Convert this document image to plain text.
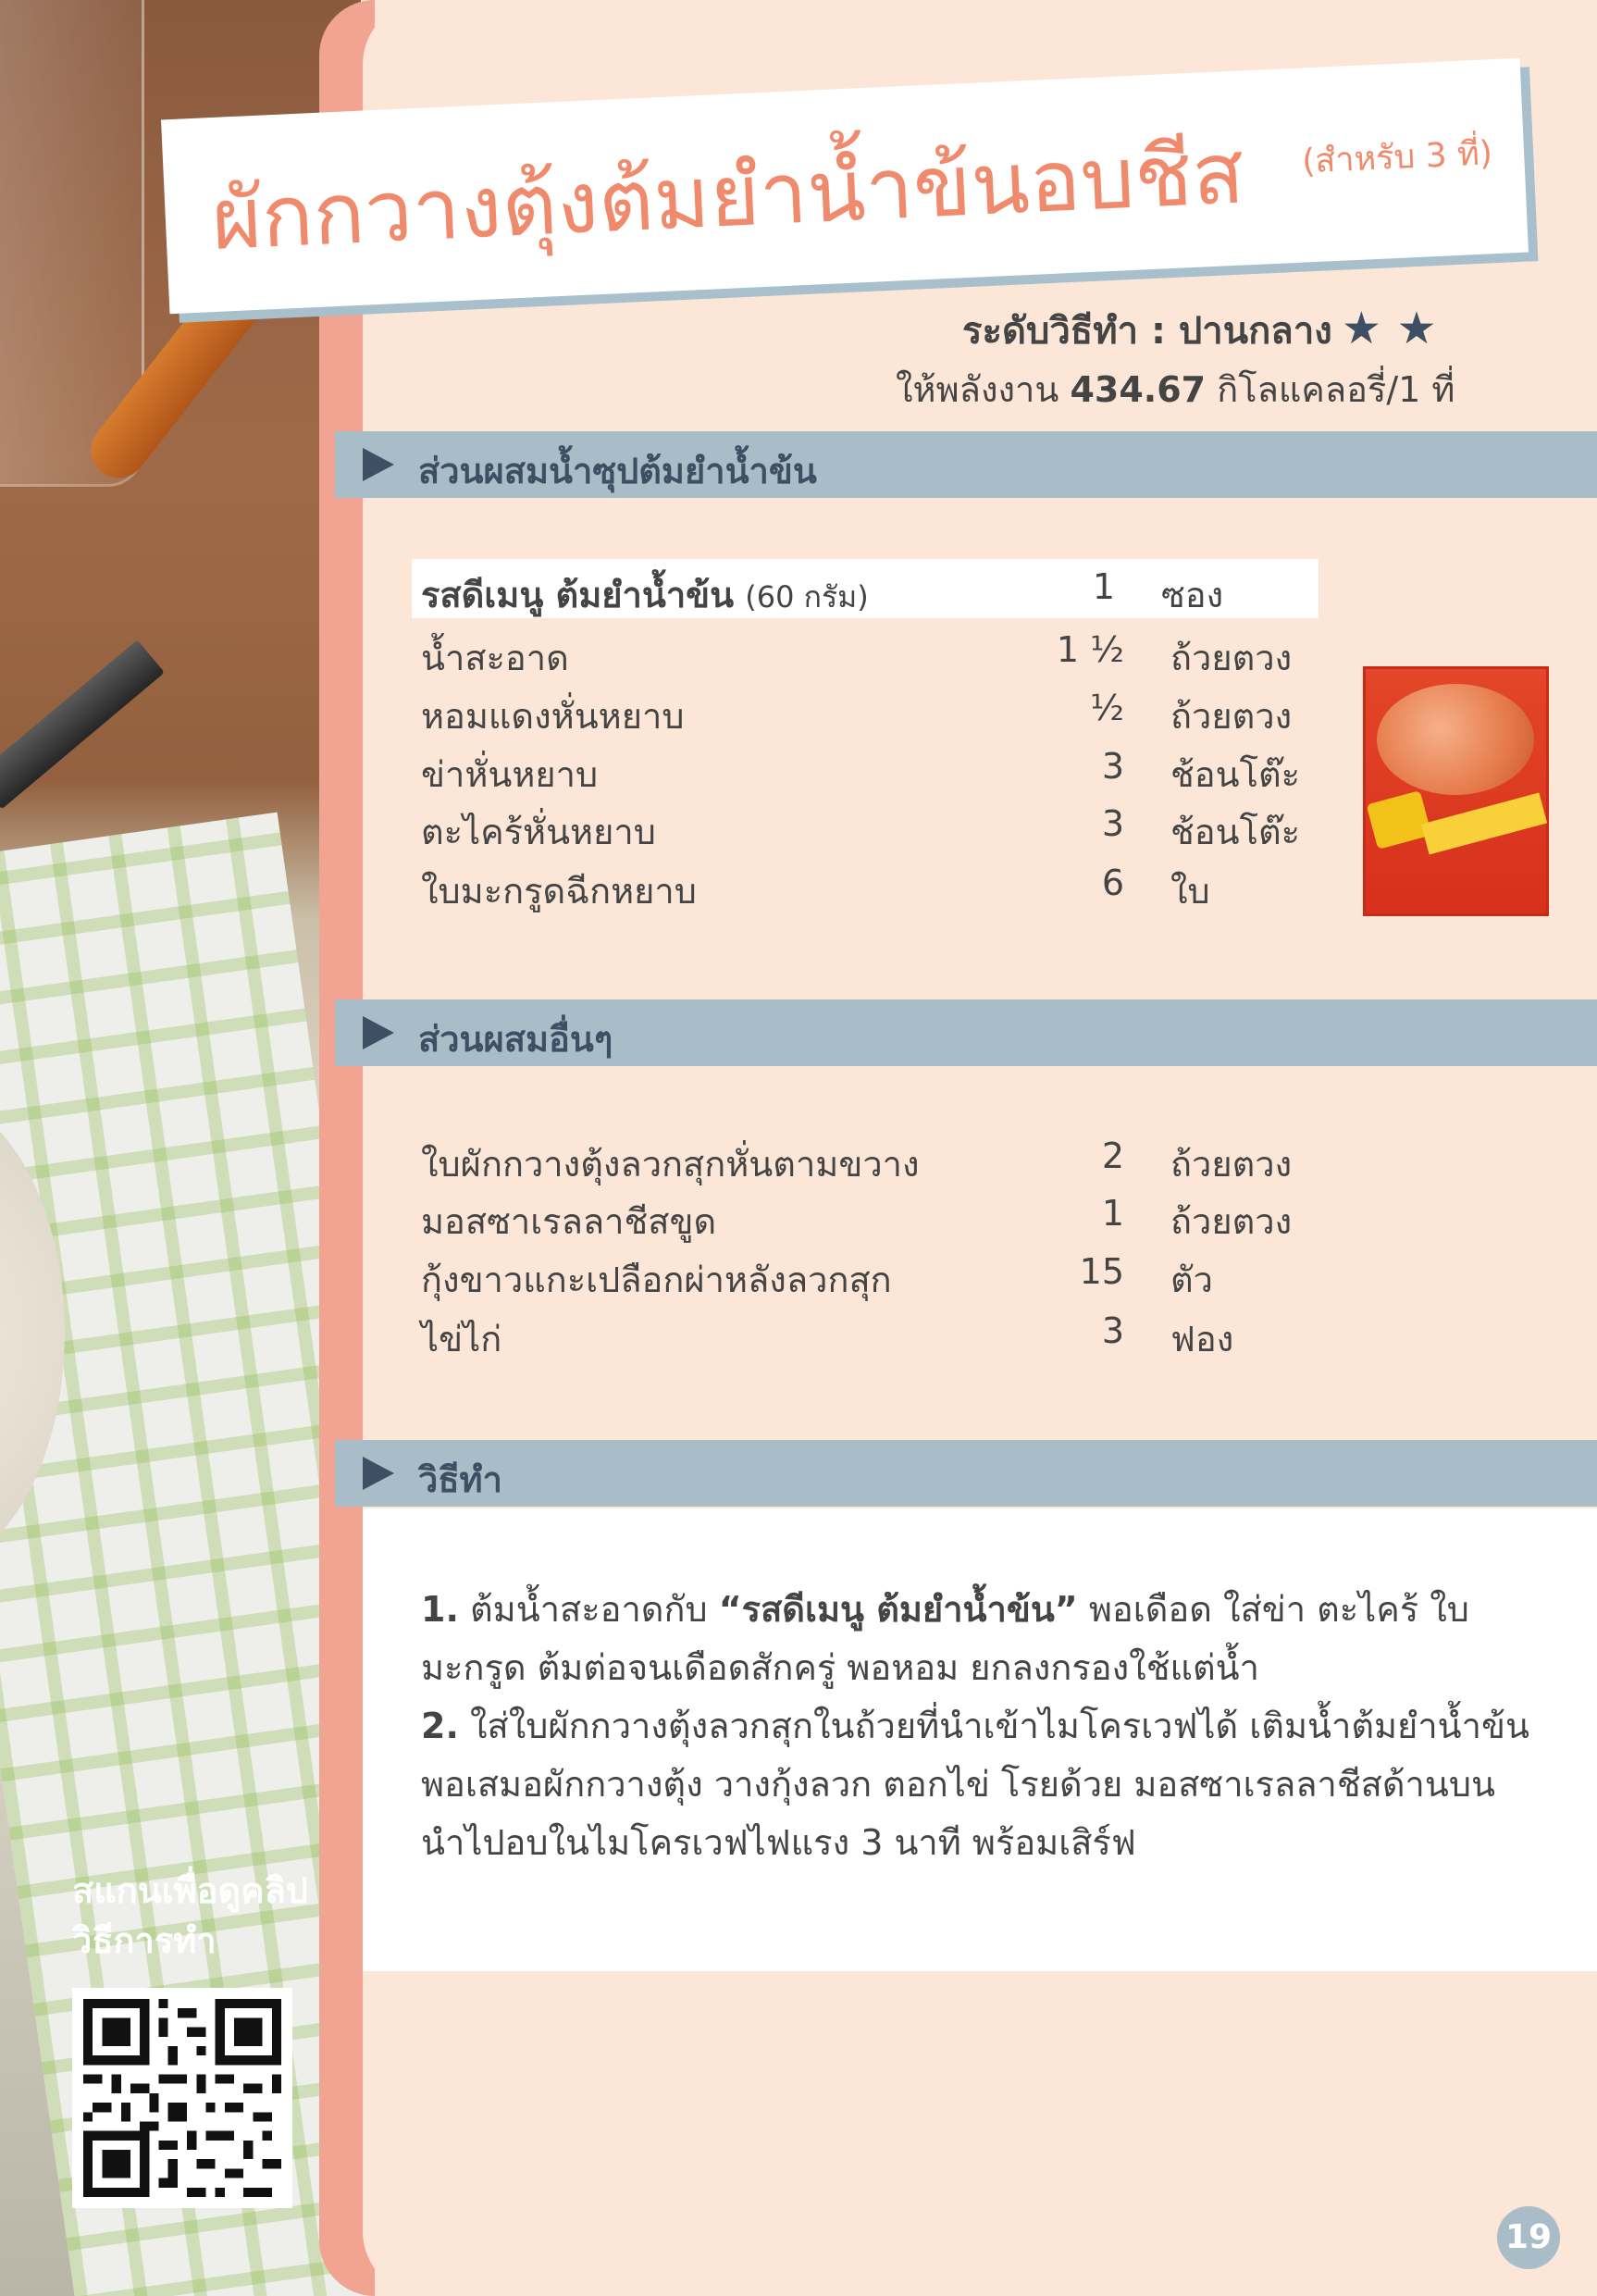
ผักกวางตุ้งต้มยำน้ำข้นอบชีส (สำหรับ 3 ที่)
ระดับวิธีทำ : ปานกลาง ★ ★
ให้พลังงาน 434.67 กิโลแคลอรี่/1 ที่
ส่วนผสมน้ำซุปต้มยำน้ำข้น
รสดีเมนู ต้มยำน้ำข้น (60 กรัม)	1 ซอง
น้ำสะอาด	1 ½ ถ้วยตวง
หอมแดงหั่นหยาบ	½ ถ้วยตวง
ข่าหั่นหยาบ	3 ช้อนโต๊ะ
ตะไคร้หั่นหยาบ	3 ช้อนโต๊ะ
ใบมะกรูดฉีกหยาบ	6 ใบ
ส่วนผสมอื่นๆ
ใบผักกวางตุ้งลวกสุกหั่นตามขวาง	2 ถ้วยตวง
มอสซาเรลลาชีสขูด	1 ถ้วยตวง
กุ้งขาวแกะเปลือกผ่าหลังลวกสุก	15 ตัว
ไข่ไก่	3 ฟอง
วิธีทำ

1. ต้มน้ำสะอาดกับ “รสดีเมนู ต้มยำน้ำข้น” พอเดือด ใส่ข่า ตะไคร้ ใบมะกรูด ต้มต่อจนเดือดสักครู่ พอหอม ยกลงกรองใช้แต่น้ำ

2. ใส่ใบผักกวางตุ้งลวกสุกในถ้วยที่นำเข้าไมโครเวฟได้ เติมน้ำต้มยำน้ำข้น พอเสมอผักกวางตุ้ง วางกุ้งลวก ตอกไข่ โรยด้วย มอสซาเรลลาชีสด้านบน นำไปอบในไมโครเวฟไฟแรง 3 นาที พร้อมเสิร์ฟ

สแกนเพื่อดูคลิป
วิธีการทำ
19
